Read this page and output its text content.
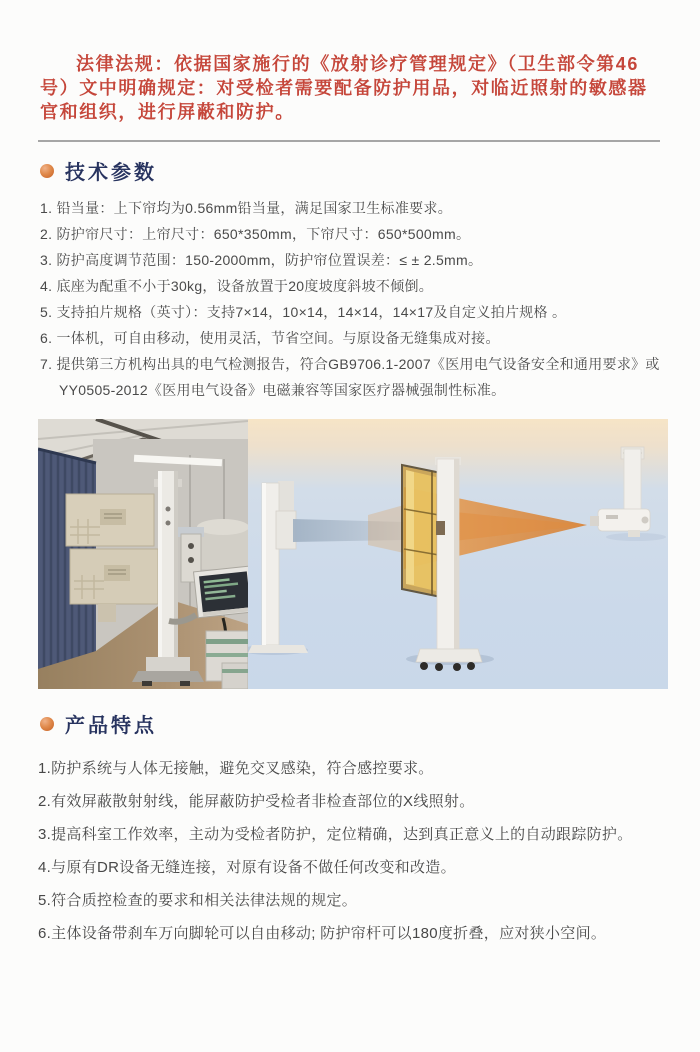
法律法规：依据国家施行的《放射诊疗管理规定》（卫生部令第46号）文中明确规定：对受检者需要配备防护用品，对临近照射的敏感器官和组织，进行屏蔽和防护。

技术参数
1. 铅当量：上下帘均为0.56mm铅当量，满足国家卫生标准要求。
2. 防护帘尺寸：上帘尺寸：650*350mm，下帘尺寸：650*500mm。
3. 防护高度调节范围：150-2000mm，防护帘位置误差：≤ ± 2.5mm。
4. 底座为配重不小于30kg，设备放置于20度坡度斜坡不倾倒。
5. 支持拍片规格（英寸）：支持7×14，10×14，14×14，14×17及自定义拍片规格 。
6. 一体机，可自由移动，使用灵活，节省空间。与原设备无缝集成对接。
7. 提供第三方机构出具的电气检测报告，符合GB9706.1-2007《医用电气设备安全和通用要求》或YY0505-2012《医用电气设备》电磁兼容等国家医疗器械强制性标准。
产品特点
1.防护系统与人体无接触，避免交叉感染，符合感控要求。
2.有效屏蔽散射射线，能屏蔽防护受检者非检查部位的X线照射。
3.提高科室工作效率，主动为受检者防护，定位精确，达到真正意义上的自动跟踪防护。
4.与原有DR设备无缝连接，对原有设备不做任何改变和改造。
5.符合质控检查的要求和相关法律法规的规定。
6.主体设备带刹车万向脚轮可以自由移动; 防护帘杆可以180度折叠，应对狭小空间。
